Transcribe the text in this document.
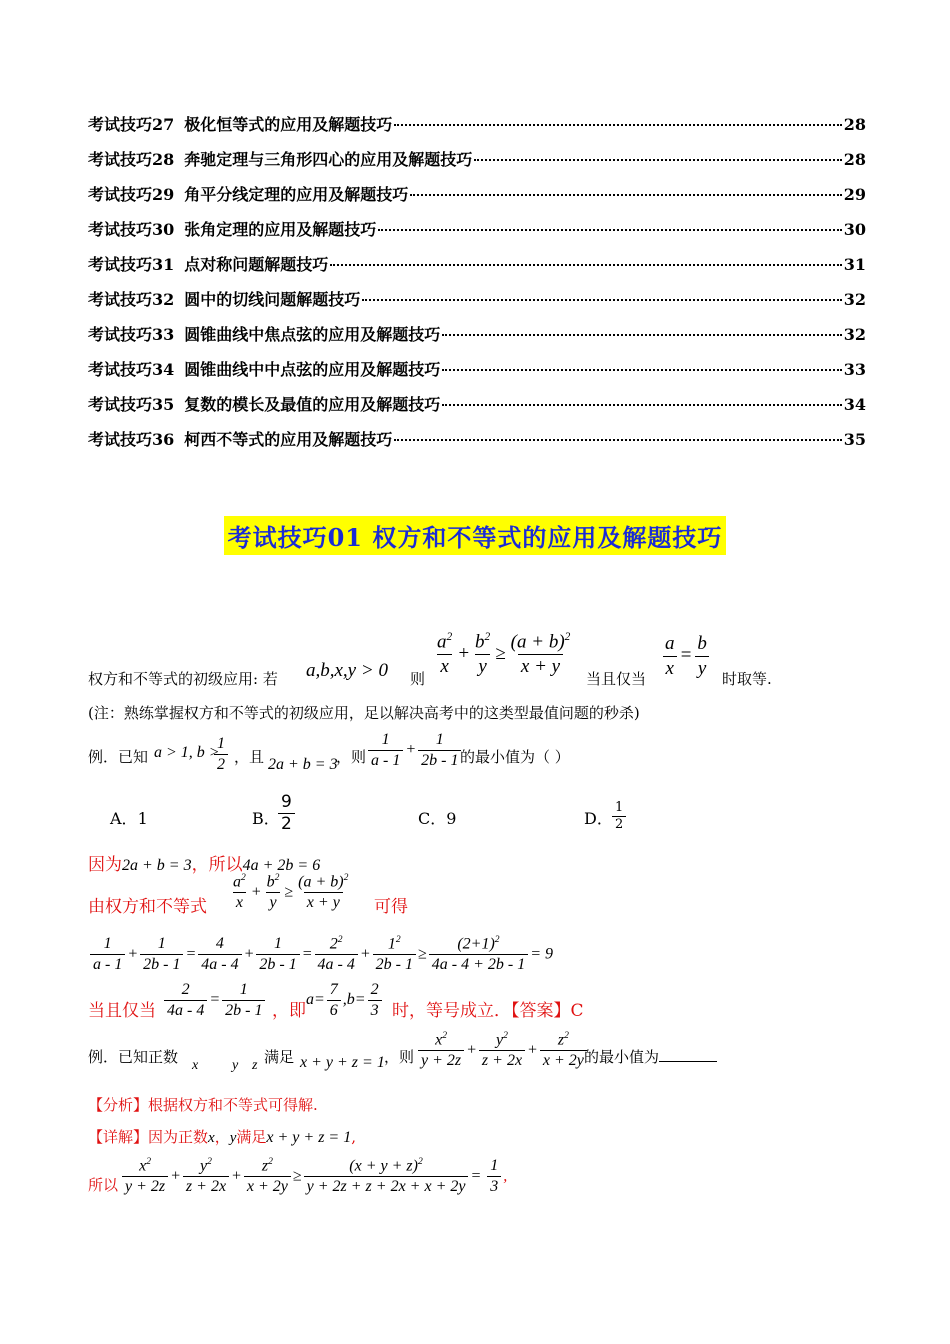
考试技巧27 极化恒等式的应用及解题技巧	28
考试技巧28 奔驰定理与三角形四心的应用及解题技巧	28
考试技巧29 角平分线定理的应用及解题技巧	29
考试技巧30 张角定理的应用及解题技巧	30
考试技巧31 点对称问题解题技巧	31
考试技巧32 圆中的切线问题解题技巧	32
考试技巧33 圆锥曲线中焦点弦的应用及解题技巧	32
考试技巧34 圆锥曲线中中点弦的应用及解题技巧	33
考试技巧35 复数的模长及最值的应用及解题技巧	34
考试技巧36 柯西不等式的应用及解题技巧	35
考试技巧01 权方和不等式的应用及解题技巧
权方和不等式的初级应用: 若 a,b,x,y > 0 则
$\frac{a^2}{x} + \frac{b^2}{y} \ge \frac{(a + b)^2}{x + y}$
当且仅当 $\frac{a}{x} = \frac{b}{y}$ 时取等.
(注：熟练掌握权方和不等式的初级应用，足以解决高考中的这类型最值问题的秒杀)
例．已知 a > 1, b >
$\frac{1}{2}$ ，且 2a + b = 3
，则 $\frac{1}{a - 1} + \frac{1}{2b - 1}$
的最小值为（ ）
A．1	B．
$\frac{9}{2}$	C．9	D． $\frac{1}{2}$
因为2a + b = 3，所以4a + 2b = 6
由权方和不等式 $\frac{a^2}{x} + \frac{b^2}{y} \ge \frac{(a + b)^2}{x + y}$ 可得
$\frac{1}{a - 1} + \frac{1}{2b - 1} = \frac{4}{4a - 4} + \frac{1}{2b - 1} = \frac{2^2}{4a - 4} + \frac{1^2}{2b - 1} \ge \frac{(2+1)^2}{4a - 4 + 2b - 1} = 9$
当且仅当 $\frac{2}{4a - 4} = \frac{1}{2b - 1}$ ，即
$a= \frac{7}{6} ,b= \frac{2}{3}$ 时，等号成立．【答案】C
例．已知正数 x y z 满足 x + y + z = 1 ，则 $\frac{x^2}{y + 2z} + \frac{y^2}{z + 2x} + \frac{z^2}{x + 2y}$
的最小值为
【分析】根据权方和不等式可得解.
【详解】因为正数x，y满足x + y + z = 1,
所以 $\frac{x^2}{y + 2z} + \frac{y^2}{z + 2x} + \frac{z^2}{x + 2y} \ge \frac{(x + y + z)^2}{y + 2z + z + 2x + x + 2y} = \frac{1}{3}$ ,
